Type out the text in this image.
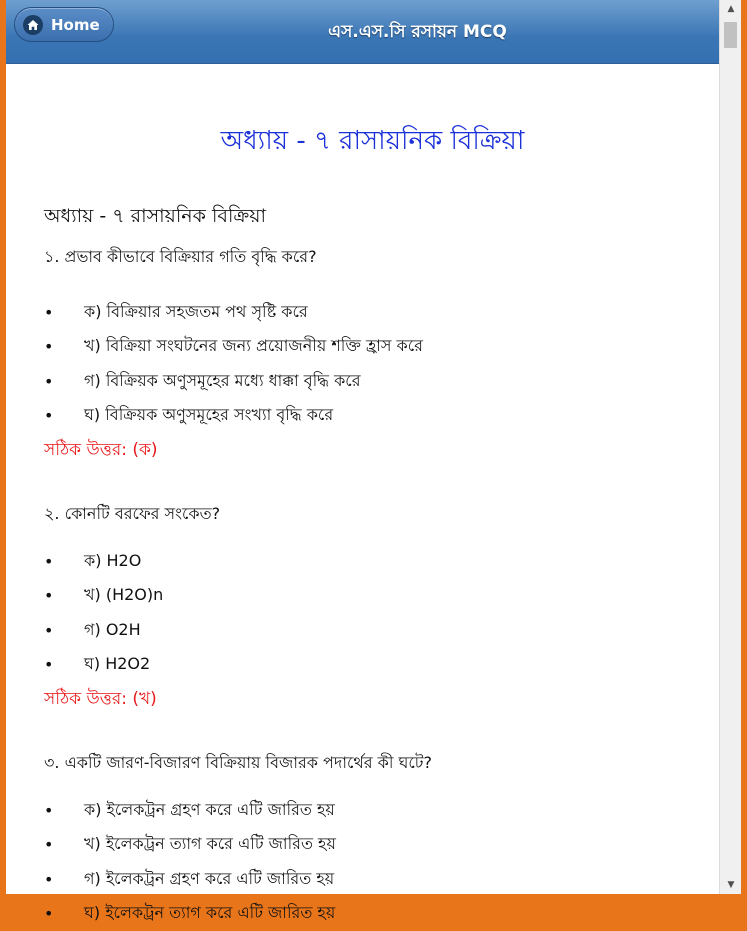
Home	এস.এস.সি রসায়ন MCQ
অধ্যায় - ৭ রাসায়নিক বিক্রিয়া
অধ্যায় - ৭ রাসায়নিক বিক্রিয়া
১. প্রভাব কীভাবে বিক্রিয়ার গতি বৃদ্ধি করে?
• ক) বিক্রিয়ার সহজতম পথ সৃষ্টি করে
• খ) বিক্রিয়া সংঘটনের জন্য প্রয়োজনীয় শক্তি হ্রাস করে
• গ) বিক্রিয়ক অণুসমূহের মধ্যে ধাক্কা বৃদ্ধি করে
• ঘ) বিক্রিয়ক অণুসমূহের সংখ্যা বৃদ্ধি করে
সঠিক উত্তর: (ক)
২. কোনটি বরফের সংকেত?
• ক) H2O
• খ) (H2O)n
• গ) O2H
• ঘ) H2O2
সঠিক উত্তর: (খ)
৩. একটি জারণ-বিজারণ বিক্রিয়ায় বিজারক পদার্থের কী ঘটে?
• ক) ইলেকট্রন গ্রহণ করে এটি জারিত হয়
• খ) ইলেকট্রন ত্যাগ করে এটি জারিত হয়
• গ) ইলেকট্রন গ্রহণ করে এটি জারিত হয়
• ঘ) ইলেকট্রন ত্যাগ করে এটি জারিত হয়
▲
▼
